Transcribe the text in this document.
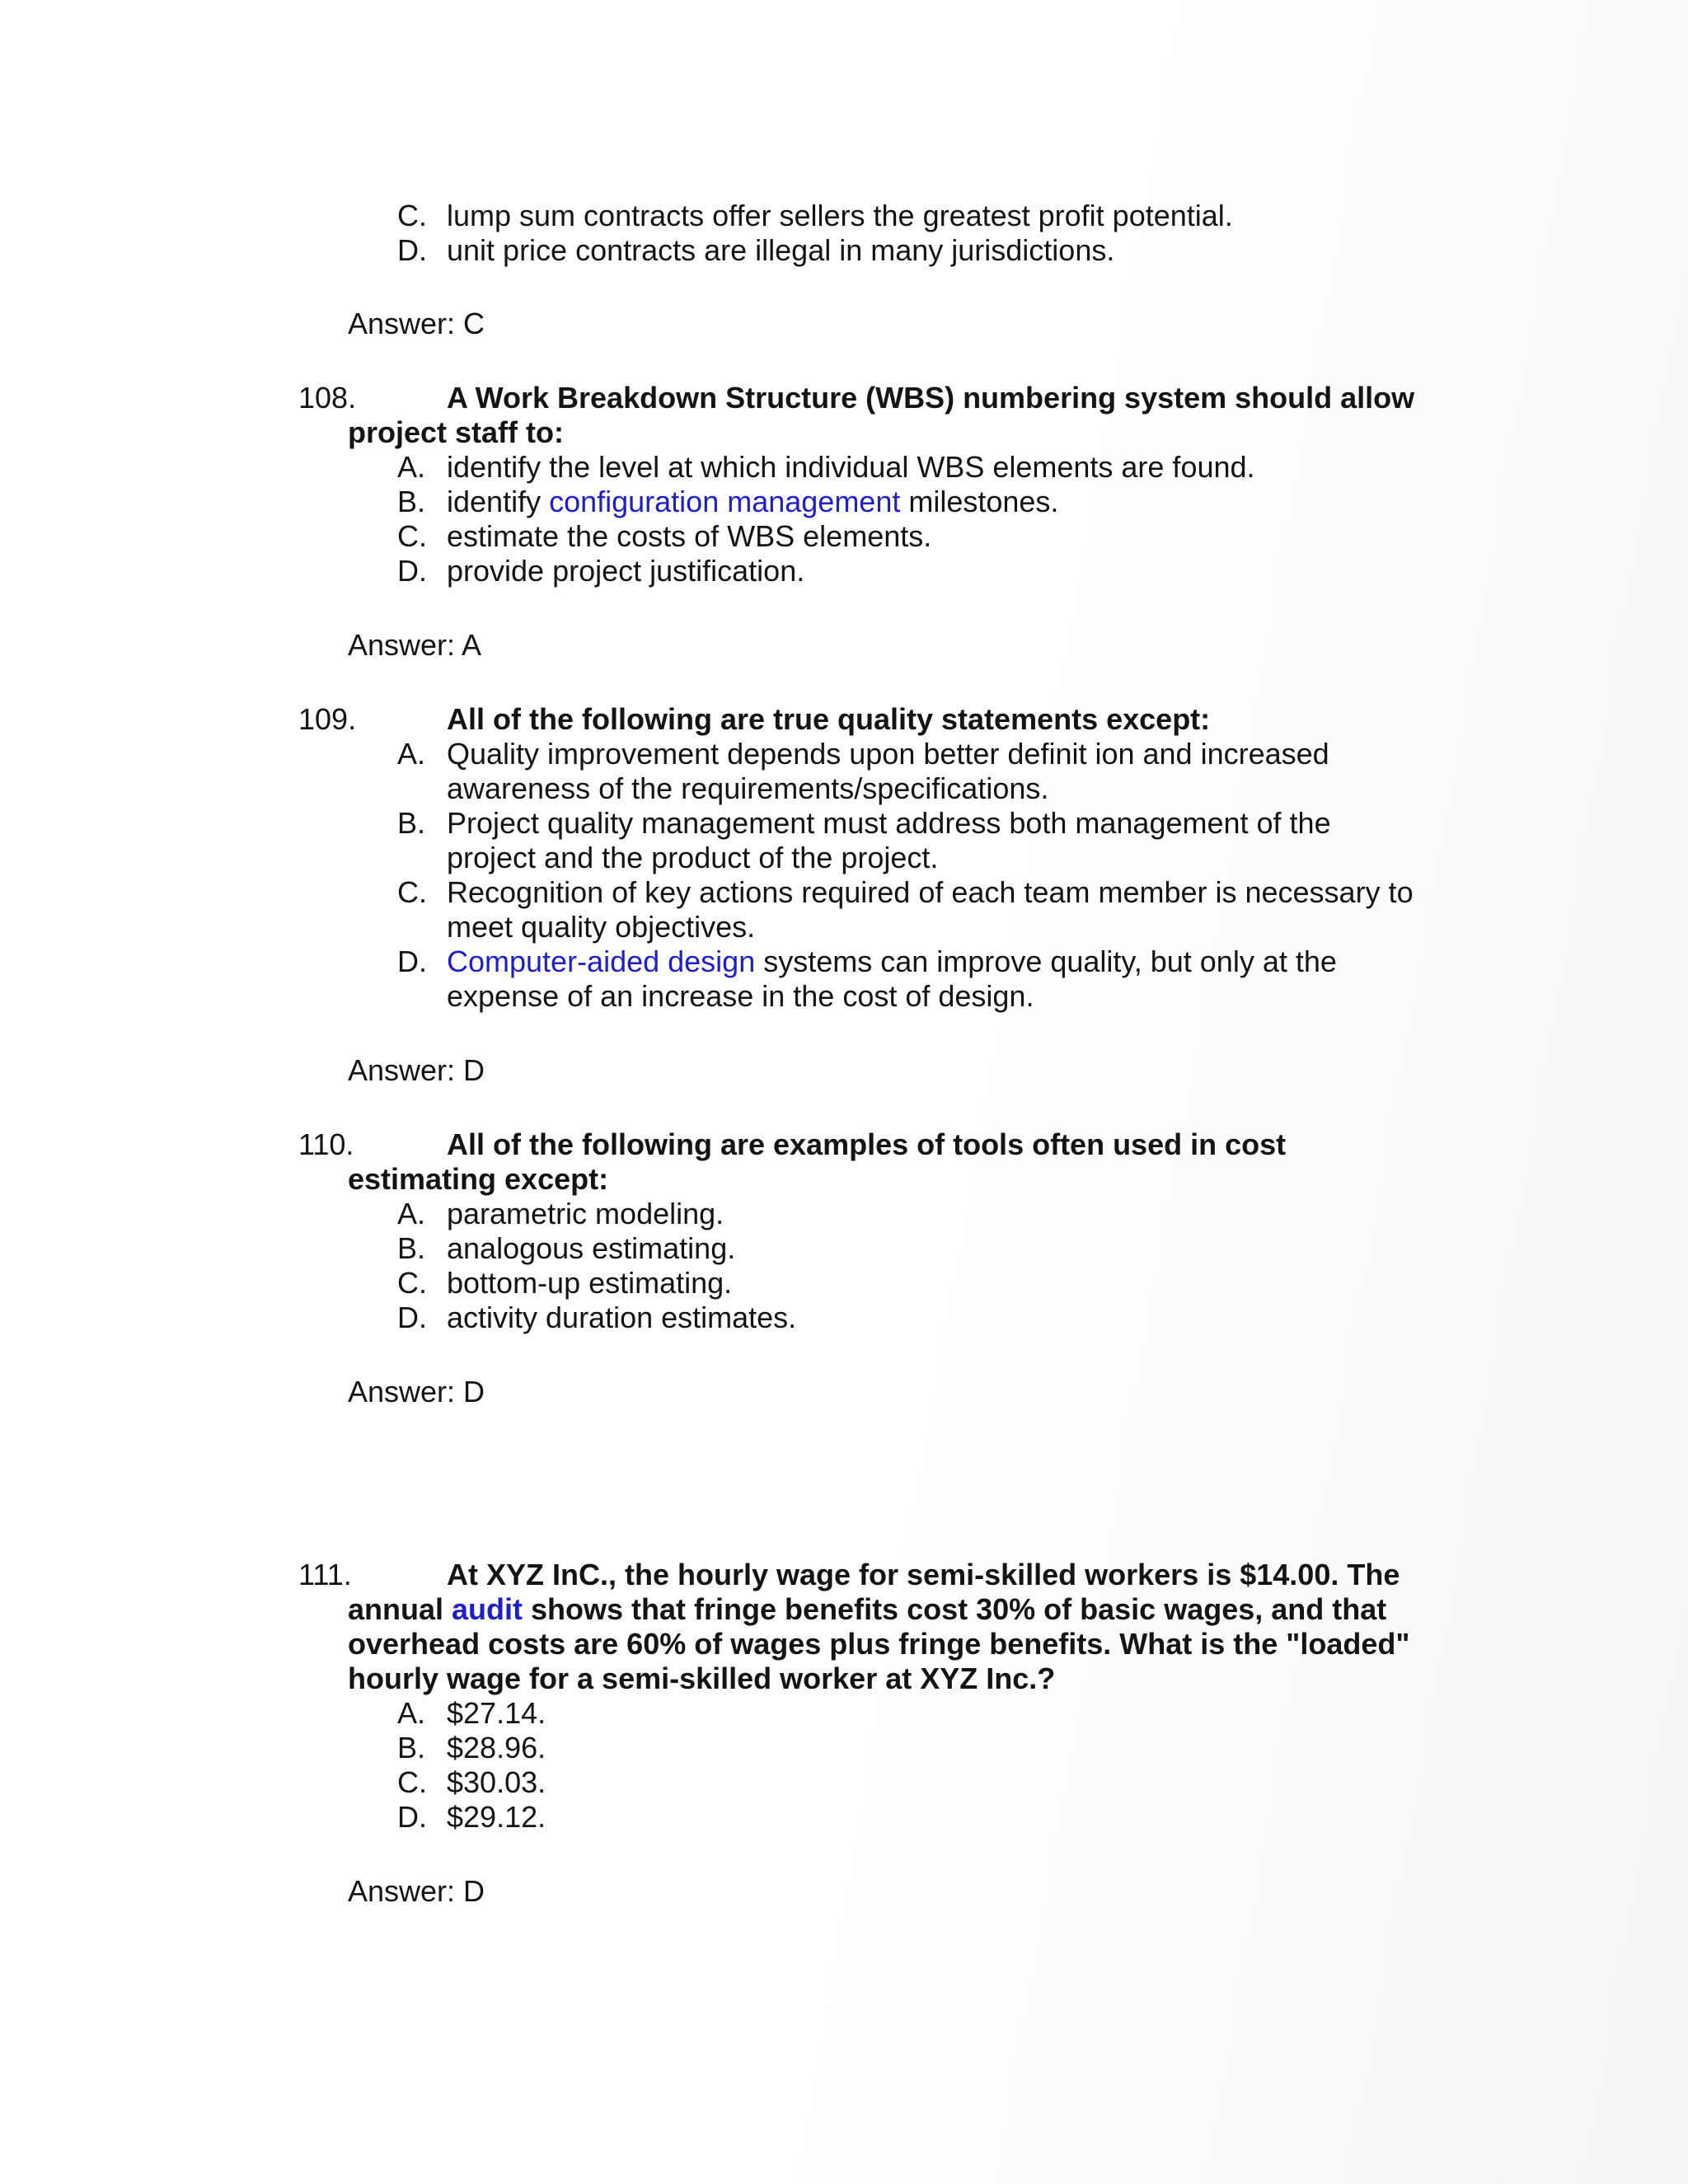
C. lump sum contracts offer sellers the greatest profit potential.
D. unit price contracts are illegal in many jurisdictions.
Answer: C
108.	A Work Breakdown Structure (WBS) numbering system should allow
project staff to:
A. identify the level at which individual WBS elements are found.
B. identify configuration management milestones.
C. estimate the costs of WBS elements.
D. provide project justification.
Answer: A
109.	All of the following are true quality statements except:
A. Quality improvement depends upon better definit ion and increased
awareness of the requirements/specifications.
B. Project quality management must address both management of the
project and the product of the project.
C. Recognition of key actions required of each team member is necessary to
meet quality objectives.
D. Computer-aided design systems can improve quality, but only at the
expense of an increase in the cost of design.
Answer: D
110.	All of the following are examples of tools often used in cost
estimating except:
A. parametric modeling.
B. analogous estimating.
C. bottom-up estimating.
D. activity duration estimates.
Answer: D
111.	At XYZ InC., the hourly wage for semi-skilled workers is $14.00. The
annual audit shows that fringe benefits cost 30% of basic wages, and that
overhead costs are 60% of wages plus fringe benefits. What is the "loaded"
hourly wage for a semi-skilled worker at XYZ Inc.?
A. $27.14.
B. $28.96.
C. $30.03.
D. $29.12.
Answer: D
